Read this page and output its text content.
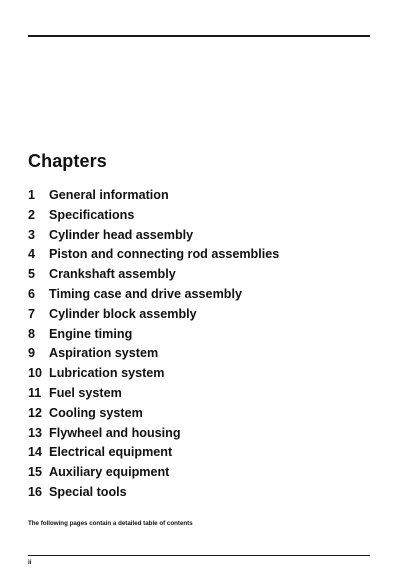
Chapters
1	General information
2	Specifications
3	Cylinder head assembly
4	Piston and connecting rod assemblies
5	Crankshaft assembly
6	Timing case and drive assembly
7	Cylinder block assembly
8	Engine timing
9	Aspiration system
10 Lubrication system
11 Fuel system
12 Cooling system
13 Flywheel and housing
14 Electrical equipment
15 Auxiliary equipment
16 Special tools

The following pages contain a detailed table of contents

ii
